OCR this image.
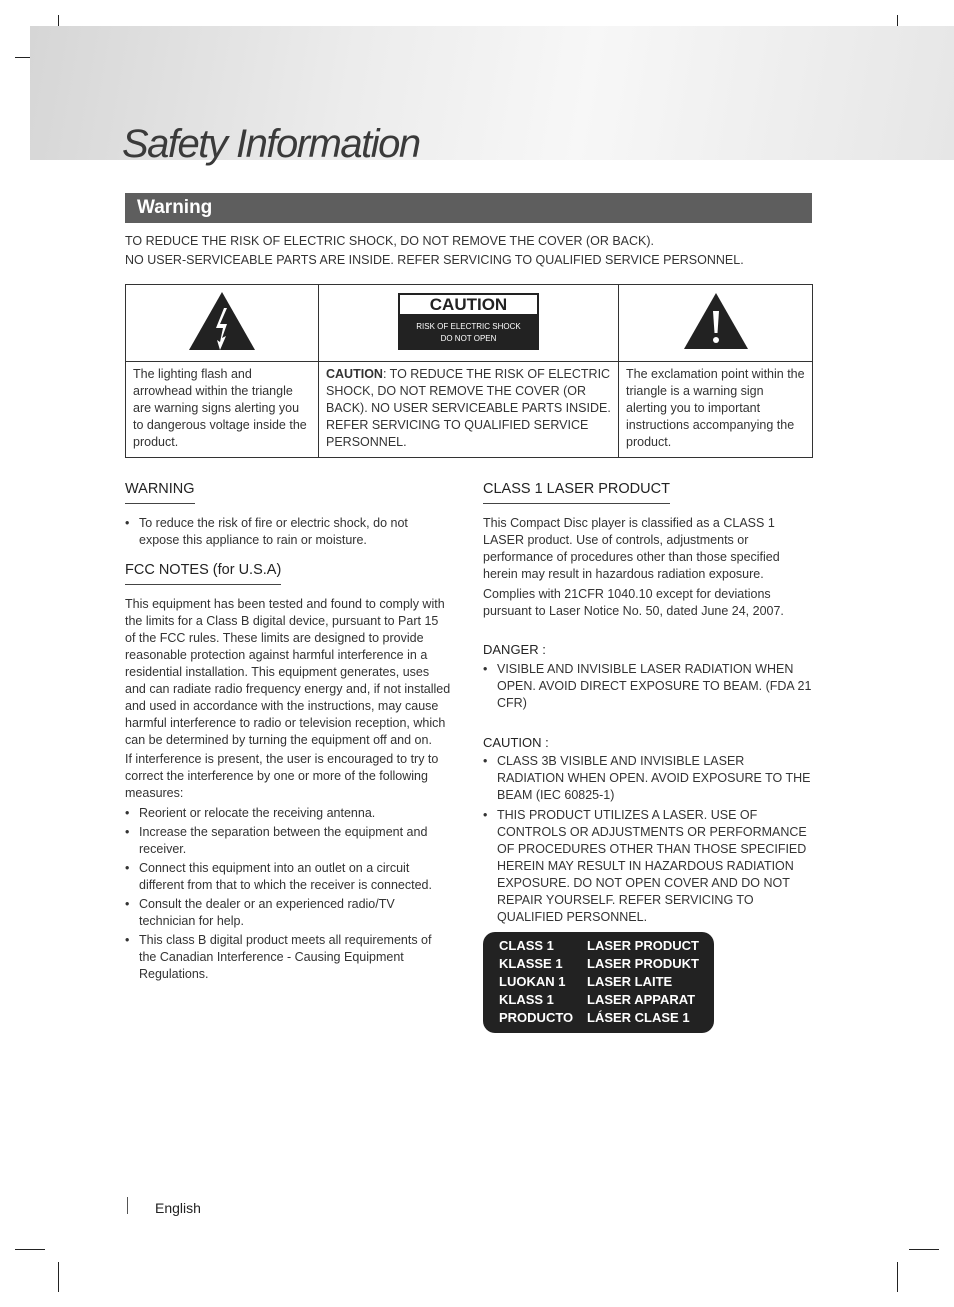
Safety Information
Warning

TO REDUCE THE RISK OF ELECTRIC SHOCK, DO NOT REMOVE THE COVER (OR BACK).

NO USER-SERVICEABLE PARTS ARE INSIDE. REFER SERVICING TO QUALIFIED SERVICE PERSONNEL.

CAUTION
RISK OF ELECTRIC SHOCK
DO NOT OPEN

The lighting flash and arrowhead within the triangle are warning signs alerting you to dangerous voltage inside the product.	CAUTION: TO REDUCE THE RISK OF ELECTRIC SHOCK, DO NOT REMOVE THE COVER (OR BACK). NO USER SERVICEABLE PARTS INSIDE. REFER SERVICING TO QUALIFIED SERVICE PERSONNEL.	The exclamation point within the triangle is a warning sign alerting you to important instructions accompanying the product.
WARNING
• To reduce the risk of fire or electric shock, do not expose this appliance to rain or moisture.
FCC NOTES (for U.S.A)

This equipment has been tested and found to comply with the limits for a Class B digital device, pursuant to Part 15 of the FCC rules. These limits are designed to provide reasonable protection against harmful interference in a residential installation. This equipment generates, uses and can radiate radio frequency energy and, if not installed and used in accordance with the instructions, may cause harmful interference to radio or television reception, which can be determined by turning the equipment off and on.

If interference is present, the user is encouraged to try to correct the interference by one or more of the following measures:

• Reorient or relocate the receiving antenna.
• Increase the separation between the equipment and receiver.
• Connect this equipment into an outlet on a circuit different from that to which the receiver is connected.
• Consult the dealer or an experienced radio/TV technician for help.
• This class B digital product meets all requirements of the Canadian Interference - Causing Equipment Regulations.
CLASS 1 LASER PRODUCT

This Compact Disc player is classified as a CLASS 1 LASER product. Use of controls, adjustments or performance of procedures other than those specified herein may result in hazardous radiation exposure.

Complies with 21CFR 1040.10 except for deviations pursuant to Laser Notice No. 50, dated June 24, 2007.

DANGER :
• VISIBLE AND INVISIBLE LASER RADIATION WHEN OPEN. AVOID DIRECT EXPOSURE TO BEAM. (FDA 21 CFR)
CAUTION :
• CLASS 3B VISIBLE AND INVISIBLE LASER RADIATION WHEN OPEN. AVOID EXPOSURE TO THE BEAM (IEC 60825-1)
• THIS PRODUCT UTILIZES A LASER. USE OF CONTROLS OR ADJUSTMENTS OR PERFORMANCE OF PROCEDURES OTHER THAN THOSE SPECIFIED HEREIN MAY RESULT IN HAZARDOUS RADIATION EXPOSURE. DO NOT OPEN COVER AND DO NOT REPAIR YOURSELF. REFER SERVICING TO QUALIFIED PERSONNEL.
CLASS 1	LASER PRODUCT
KLASSE 1	LASER PRODUKT
LUOKAN 1	LASER LAITE
KLASS 1	LASER APPARAT
PRODUCTO	LÁSER CLASE 1
English
